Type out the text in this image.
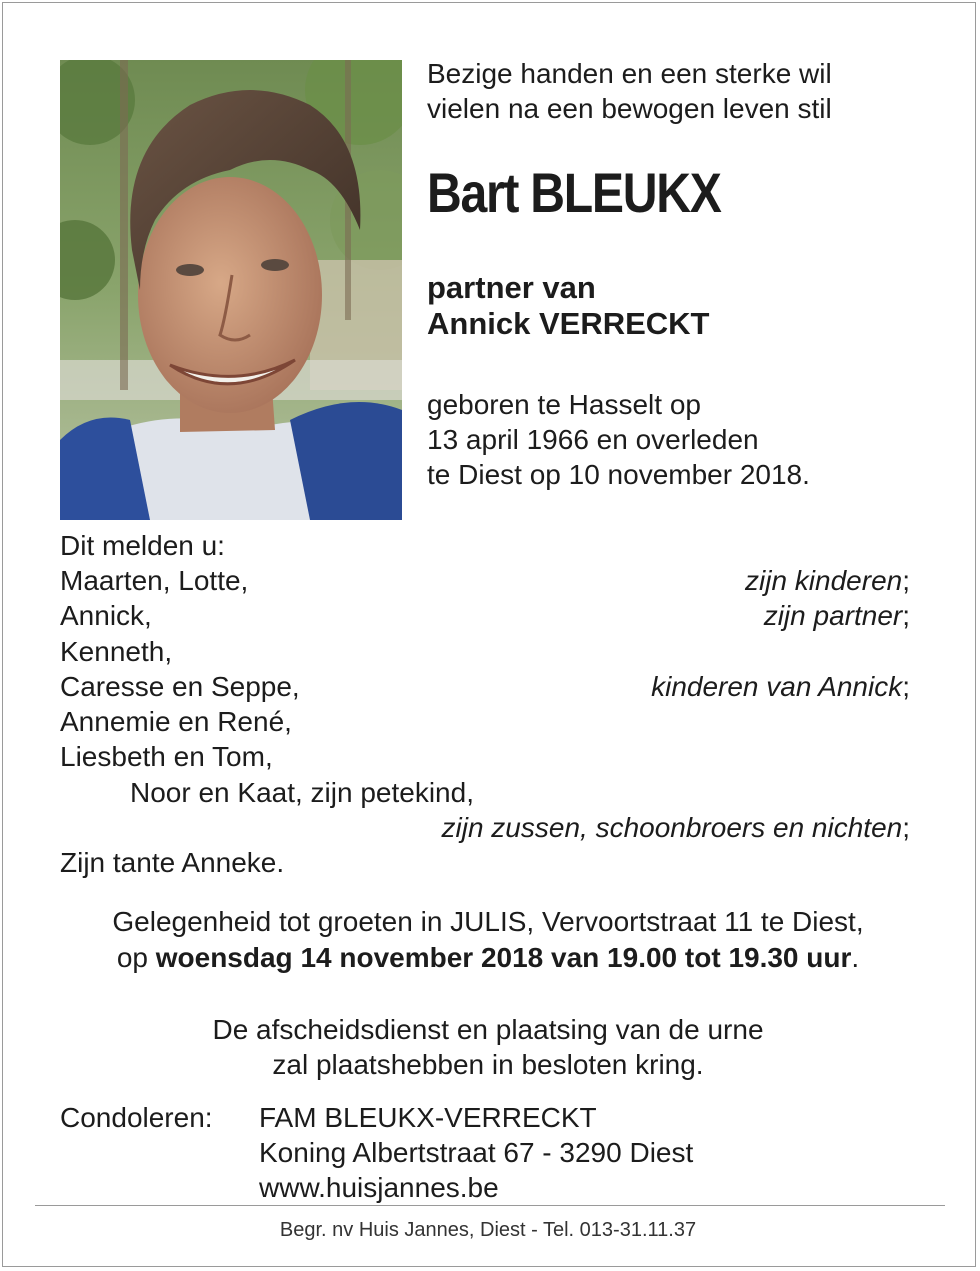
Bezige handen en een sterke wil
vielen na een bewogen leven stil
Bart BLEUKX
partner van
Annick VERRECKT
geboren te Hasselt op
13 april 1966 en overleden
te Diest op 10 november 2018.
Dit melden u:
Maarten, Lotte,	zijn kinderen;
Annick,	zijn partner;
Kenneth,
Caresse en Seppe,	kinderen van Annick;
Annemie en René,
Liesbeth en Tom,
Noor en Kaat, zijn petekind,
zijn zussen, schoonbroers en nichten;
Zijn tante Anneke.
Gelegenheid tot groeten in JULIS, Vervoortstraat 11 te Diest,
op woensdag 14 november 2018 van 19.00 tot 19.30 uur.
De afscheidsdienst en plaatsing van de urne
zal plaatshebben in besloten kring.
Condoleren: FAM BLEUKX-VERRECKT
Koning Albertstraat 67 - 3290 Diest
www.huisjannes.be
Begr. nv Huis Jannes, Diest - Tel. 013-31.11.37
